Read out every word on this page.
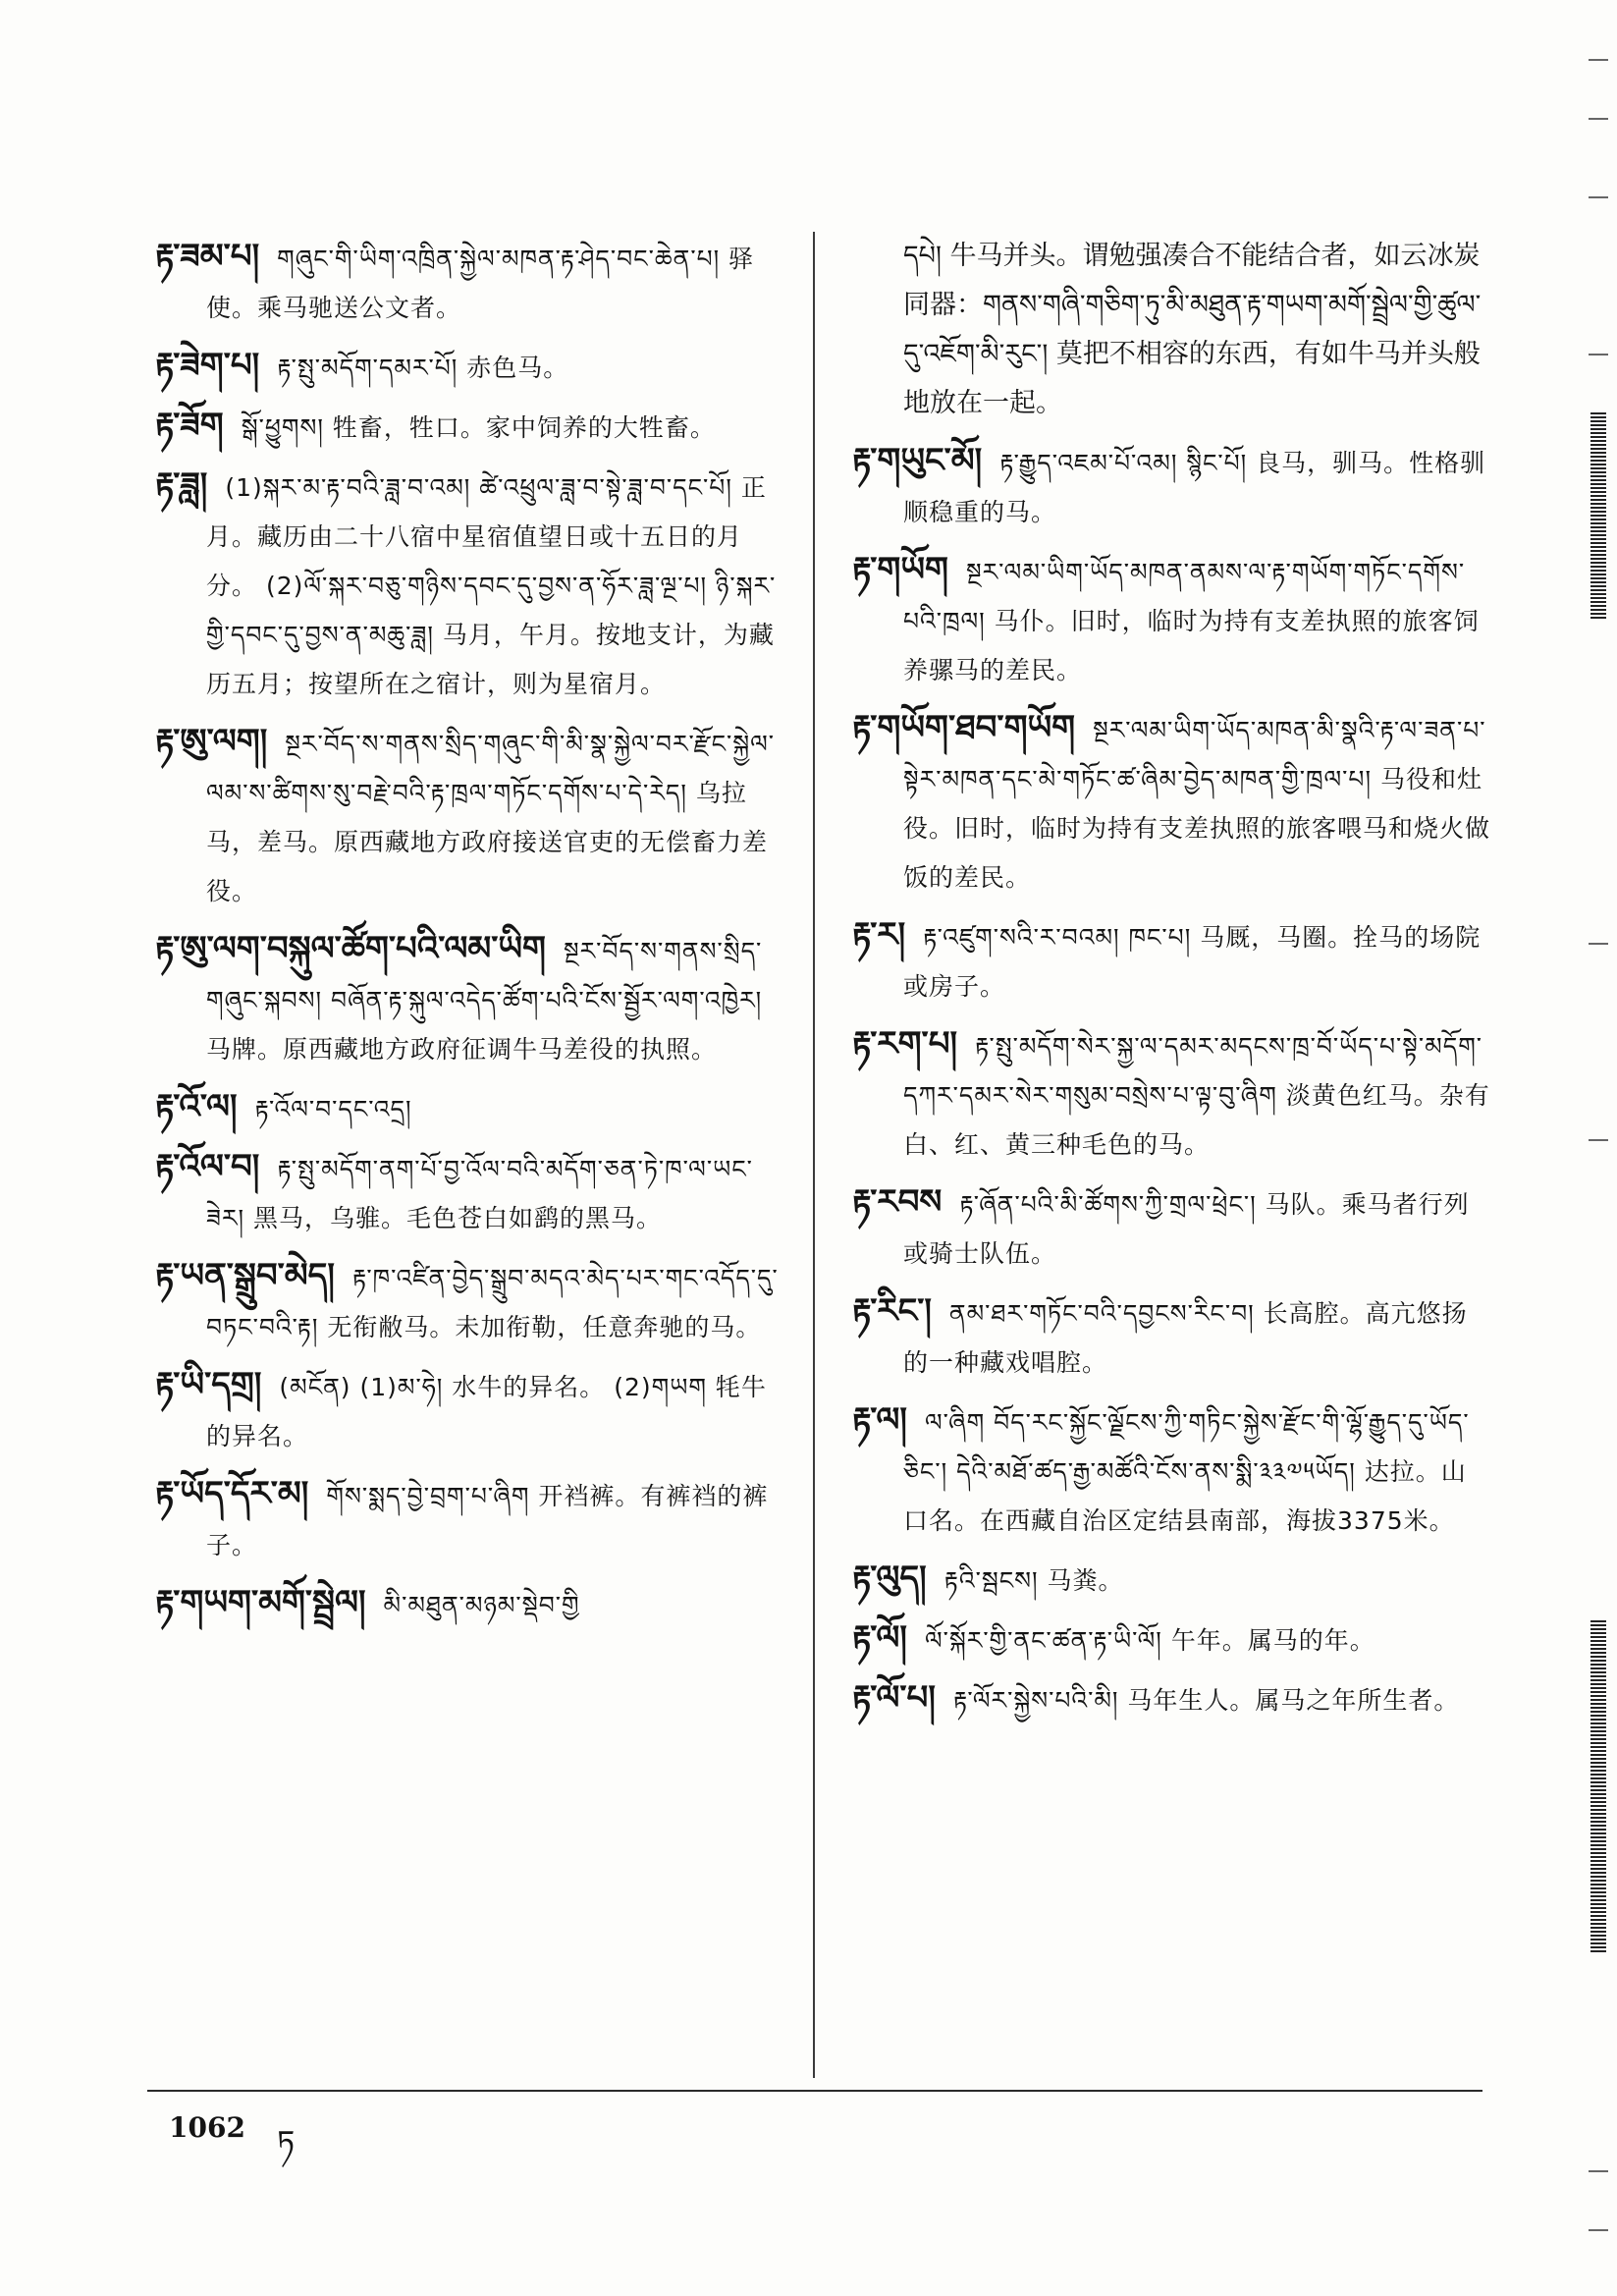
རྟ་ཟམ་པ། གཞུང་གི་ཡིག་འཁྲིན་སྐྱེལ་མཁན་རྟ་ཤེད་བང་ཆེན་པ། 驿使。乘马驰送公文者。
རྟ་ཟེག་པ། རྟ་སྤུ་མདོག་དམར་པོ། 赤色马。
རྟ་ཟོག སྒོ་ཕྱུགས། 牲畜，牲口。家中饲养的大牲畜。
རྟ་ཟླ། (1)སྐར་མ་རྟ་བའི་ཟླ་བ་འམ། ཚེ་འཕྲུལ་ཟླ་བ་སྟེ་ཟླ་བ་དང་པོ། 正月。藏历由二十八宿中星宿值望日或十五日的月分。 (2)ལོ་སྐར་བཅུ་གཉིས་དབང་དུ་བྱས་ན་ཧོར་ཟླ་ལྔ་པ། ཉི་སྐར་གྱི་དབང་དུ་བྱས་ན་མཆུ་ཟླ། 马月，午月。按地支计，为藏历五月；按望所在之宿计，则为星宿月。
རྟ་ཨུ་ལག། སྔར་བོད་ས་གནས་སྲིད་གཞུང་གི་མི་སྣ་སྐྱེལ་བར་རྫོང་སྐྱེལ་ལམ་ས་ཚིགས་སུ་བརྗེ་བའི་རྟ་ཁྲལ་གཏོང་དགོས་པ་དེ་རེད། 乌拉马，差马。原西藏地方政府接送官吏的无偿畜力差役。
རྟ་ཨུ་ལག་བསྐུལ་ཚོག་པའི་ལམ་ཡིག སྔར་བོད་ས་གནས་སྲིད་གཞུང་སྐབས། བཞོན་རྟ་སྐུལ་འདེད་ཚོག་པའི་ངོས་སྦྱོར་ལག་འཁྱེར། 马牌。原西藏地方政府征调牛马差役的执照。
རྟ་འོ་ལ། རྟ་འོལ་བ་དང་འདྲ།
རྟ་འོལ་བ། རྟ་སྤུ་མདོག་ནག་པོ་བྱ་འོལ་བའི་མདོག་ཅན་ཏེ་ཁ་ལ་ཡང་ཟེར། 黑马，乌骓。毛色苍白如鹞的黑马。
རྟ་ཡན་སྒྲུབ་མེད། རྟ་ཁ་འཛིན་བྱེད་སྒྲུབ་མདའ་མེད་པར་གང་འདོད་དུ་བཏང་བའི་རྟ། 无衔敝马。未加衔勒，任意奔驰的马。
རྟ་ཡི་དགྲ། (མངོན) (1)མ་ཧེ། 水牛的异名。 (2)གཡག 牦牛的异名。
རྟ་ཡོད་དོར་མ། གོས་སྨད་བྱེ་བྲག་པ་ཞིག 开裆裤。有裤裆的裤子。
རྟ་གཡག་མགོ་སྦྲེལ། མི་མཐུན་མཉམ་སྡེབ་གྱི
དཔེ། 牛马并头。谓勉强凑合不能结合者，如云冰炭同器：གནས་གཞི་གཅིག་ཏུ་མི་མཐུན་རྟ་གཡག་མགོ་སྦྲེལ་གྱི་ཚུལ་དུ་འཇོག་མི་རུང་། 莫把不相容的东西，有如牛马并头般地放在一起。
རྟ་གཡུང་མོ། རྟ་རྒྱུད་འཇམ་པོ་འམ། སྙིང་པོ། 良马，驯马。性格驯顺稳重的马。
རྟ་གཡོག སྔར་ལམ་ཡིག་ཡོད་མཁན་ནམས་ལ་རྟ་གཡོག་གཏོང་དགོས་པའི་ཁྲལ། 马仆。旧时，临时为持有支差执照的旅客饲养骡马的差民。
རྟ་གཡོག་ཐབ་གཡོག སྔར་ལམ་ཡིག་ཡོད་མཁན་མི་སྣའི་རྟ་ལ་ཟན་པ་སྟེར་མཁན་དང་མེ་གཏོང་ཚ་ཞིམ་བྱེད་མཁན་གྱི་ཁྲལ་པ། 马役和灶役。旧时，临时为持有支差执照的旅客喂马和烧火做饭的差民。
རྟ་ར། རྟ་འཛུག་སའི་ར་བའམ། ཁང་པ། 马厩，马圈。拴马的场院或房子。
རྟ་རག་པ། རྟ་སྤུ་མདོག་སེར་སྐྱ་ལ་དམར་མདངས་ཁྲ་བོ་ཡོད་པ་སྟེ་མདོག་དཀར་དམར་སེར་གསུམ་བསྲེས་པ་ལྟ་བུ་ཞིག 淡黄色红马。杂有白、红、黄三种毛色的马。
རྟ་རབས རྟ་ཞོན་པའི་མི་ཚོགས་ཀྱི་གྲལ་ཕྲེང་། 马队。乘马者行列或骑士队伍。
རྟ་རིང་། ནམ་ཐར་གཏོང་བའི་དབྱངས་རིང་བ། 长高腔。高亢悠扬的一种藏戏唱腔。
རྟ་ལ། ལ་ཞིག བོད་རང་སྐྱོང་ལྗོངས་ཀྱི་གཏིང་སྐྱེས་རྫོང་གི་ལྷོ་རྒྱུད་དུ་ཡོད་ཅིང་། དེའི་མཐོ་ཚད་རྒྱ་མཚོའི་ངོས་ནས་སྨི་༣༣༧༥ཡོད། 达拉。山口名。在西藏自治区定结县南部，海拔3375米。
རྟ་ལུད། རྟའི་སྦངས། 马粪。
རྟ་ལོ། ལོ་སྐོར་གྱི་ནང་ཚན་རྟ་ཡི་ལོ། 午年。属马的年。
རྟ་ལོ་པ། རྟ་ལོར་སྐྱེས་པའི་མི། 马年生人。属马之年所生者。
1062 ཏ
